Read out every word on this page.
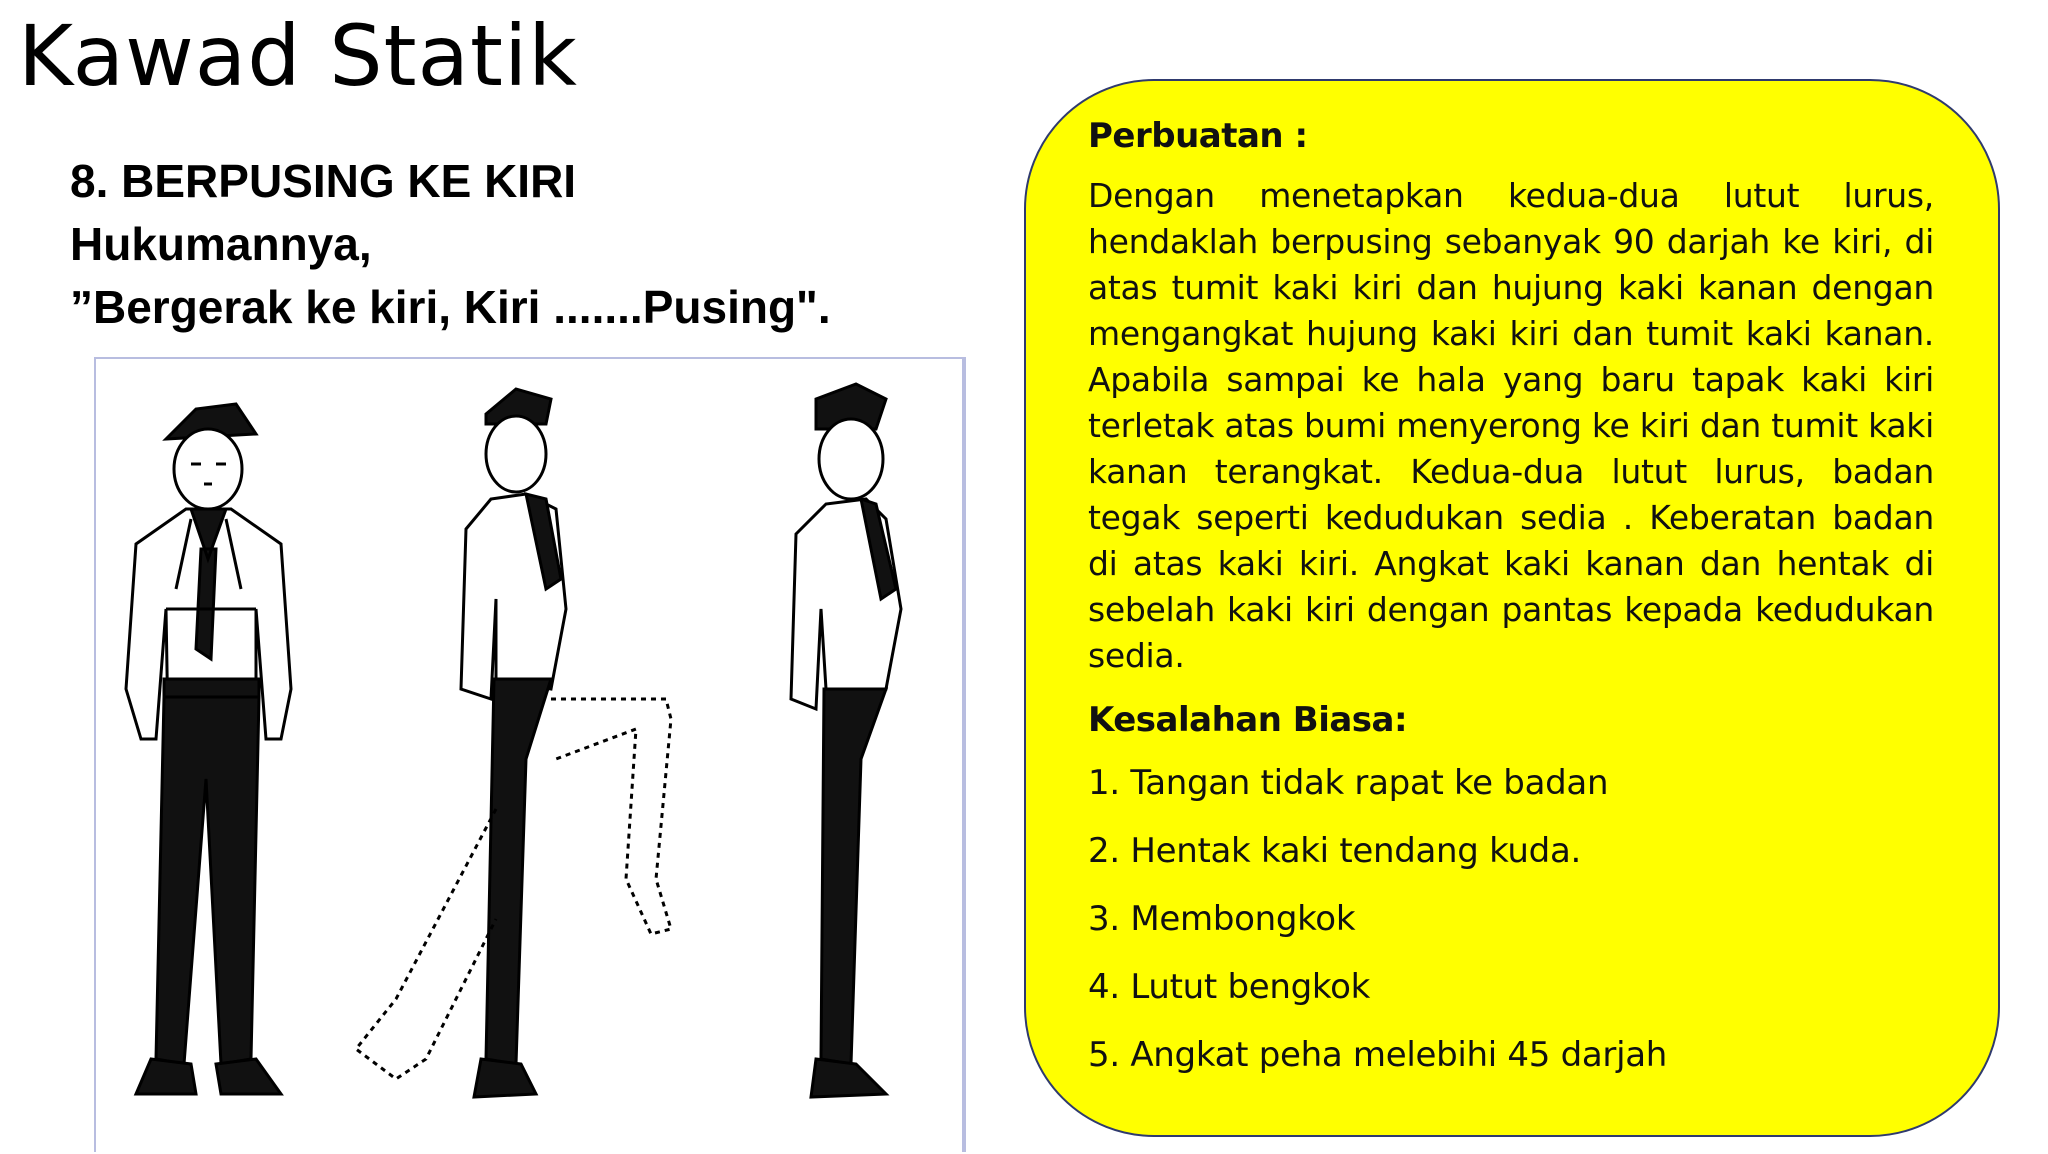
Kawad Statik
8. BERPUSING KE KIRI
Hukumannya,
”Bergerak ke kiri, Kiri .......Pusing".
Perbuatan :

Dengan menetapkan kedua-dua lutut lurus, hendaklah berpusing sebanyak 90 darjah ke kiri, di atas tumit kaki kiri dan hujung kaki kanan dengan mengangkat hujung kaki kiri dan tumit kaki kanan. Apabila sampai ke hala yang baru tapak kaki kiri terletak atas bumi menyerong ke kiri dan tumit kaki kanan terangkat. Kedua-dua lutut lurus, badan tegak seperti kedudukan sedia . Keberatan badan di atas kaki kiri. Angkat kaki kanan dan hentak di sebelah kaki kiri dengan pantas kepada kedudukan sedia.

Kesalahan Biasa:
1. Tangan tidak rapat ke badan
2. Hentak kaki tendang kuda.
3. Membongkok
4. Lutut bengkok
5. Angkat peha melebihi 45 darjah
